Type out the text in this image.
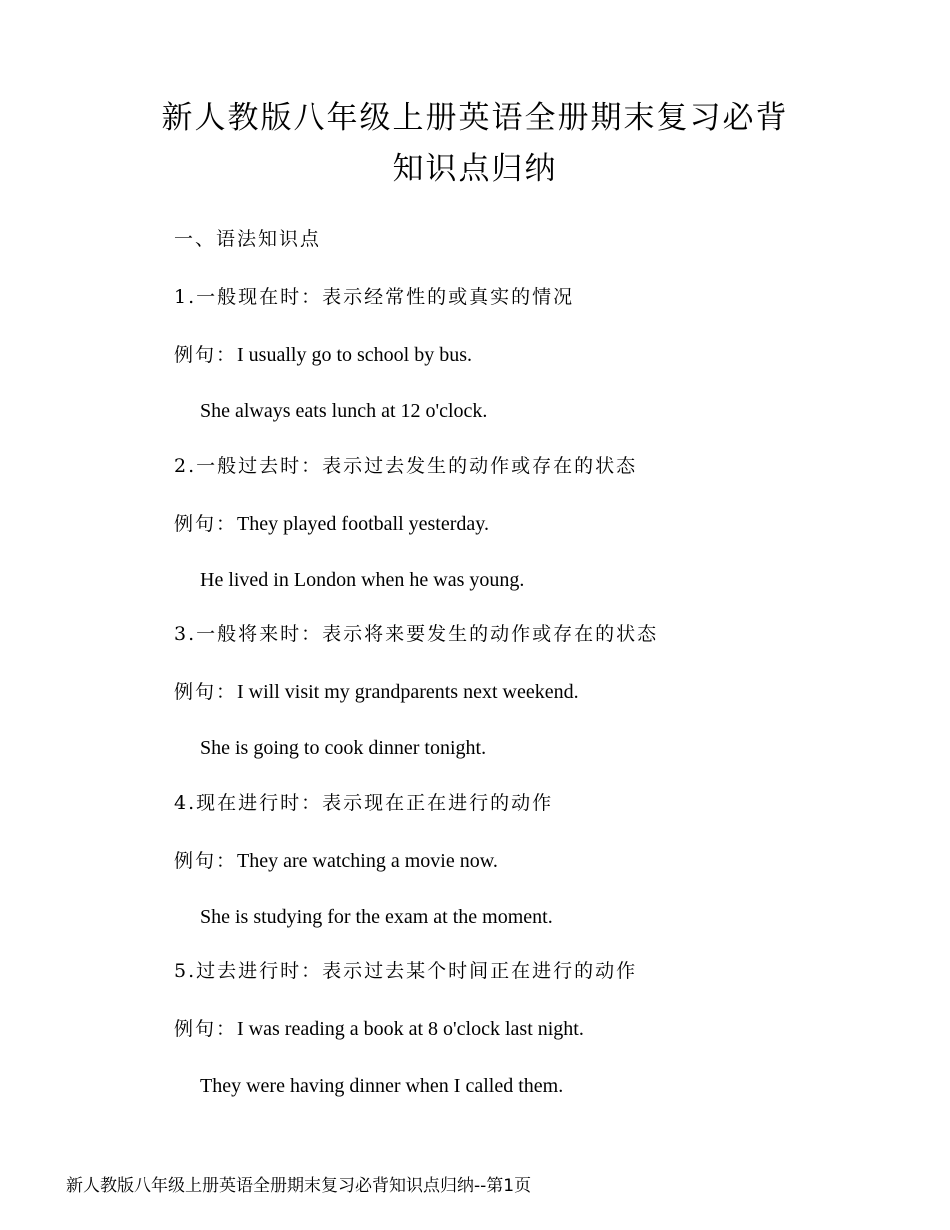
新人教版八年级上册英语全册期末复习必背
知识点归纳
一、语法知识点
1.一般现在时：表示经常性的或真实的情况
例句：I usually go to school by bus.
She always eats lunch at 12 o'clock.
2.一般过去时：表示过去发生的动作或存在的状态
例句：They played football yesterday.
He lived in London when he was young.
3.一般将来时：表示将来要发生的动作或存在的状态
例句：I will visit my grandparents next weekend.
She is going to cook dinner tonight.
4.现在进行时：表示现在正在进行的动作
例句：They are watching a movie now.
She is studying for the exam at the moment.
5.过去进行时：表示过去某个时间正在进行的动作
例句：I was reading a book at 8 o'clock last night.
They were having dinner when I called them.
新人教版八年级上册英语全册期末复习必背知识点归纳--第1页
